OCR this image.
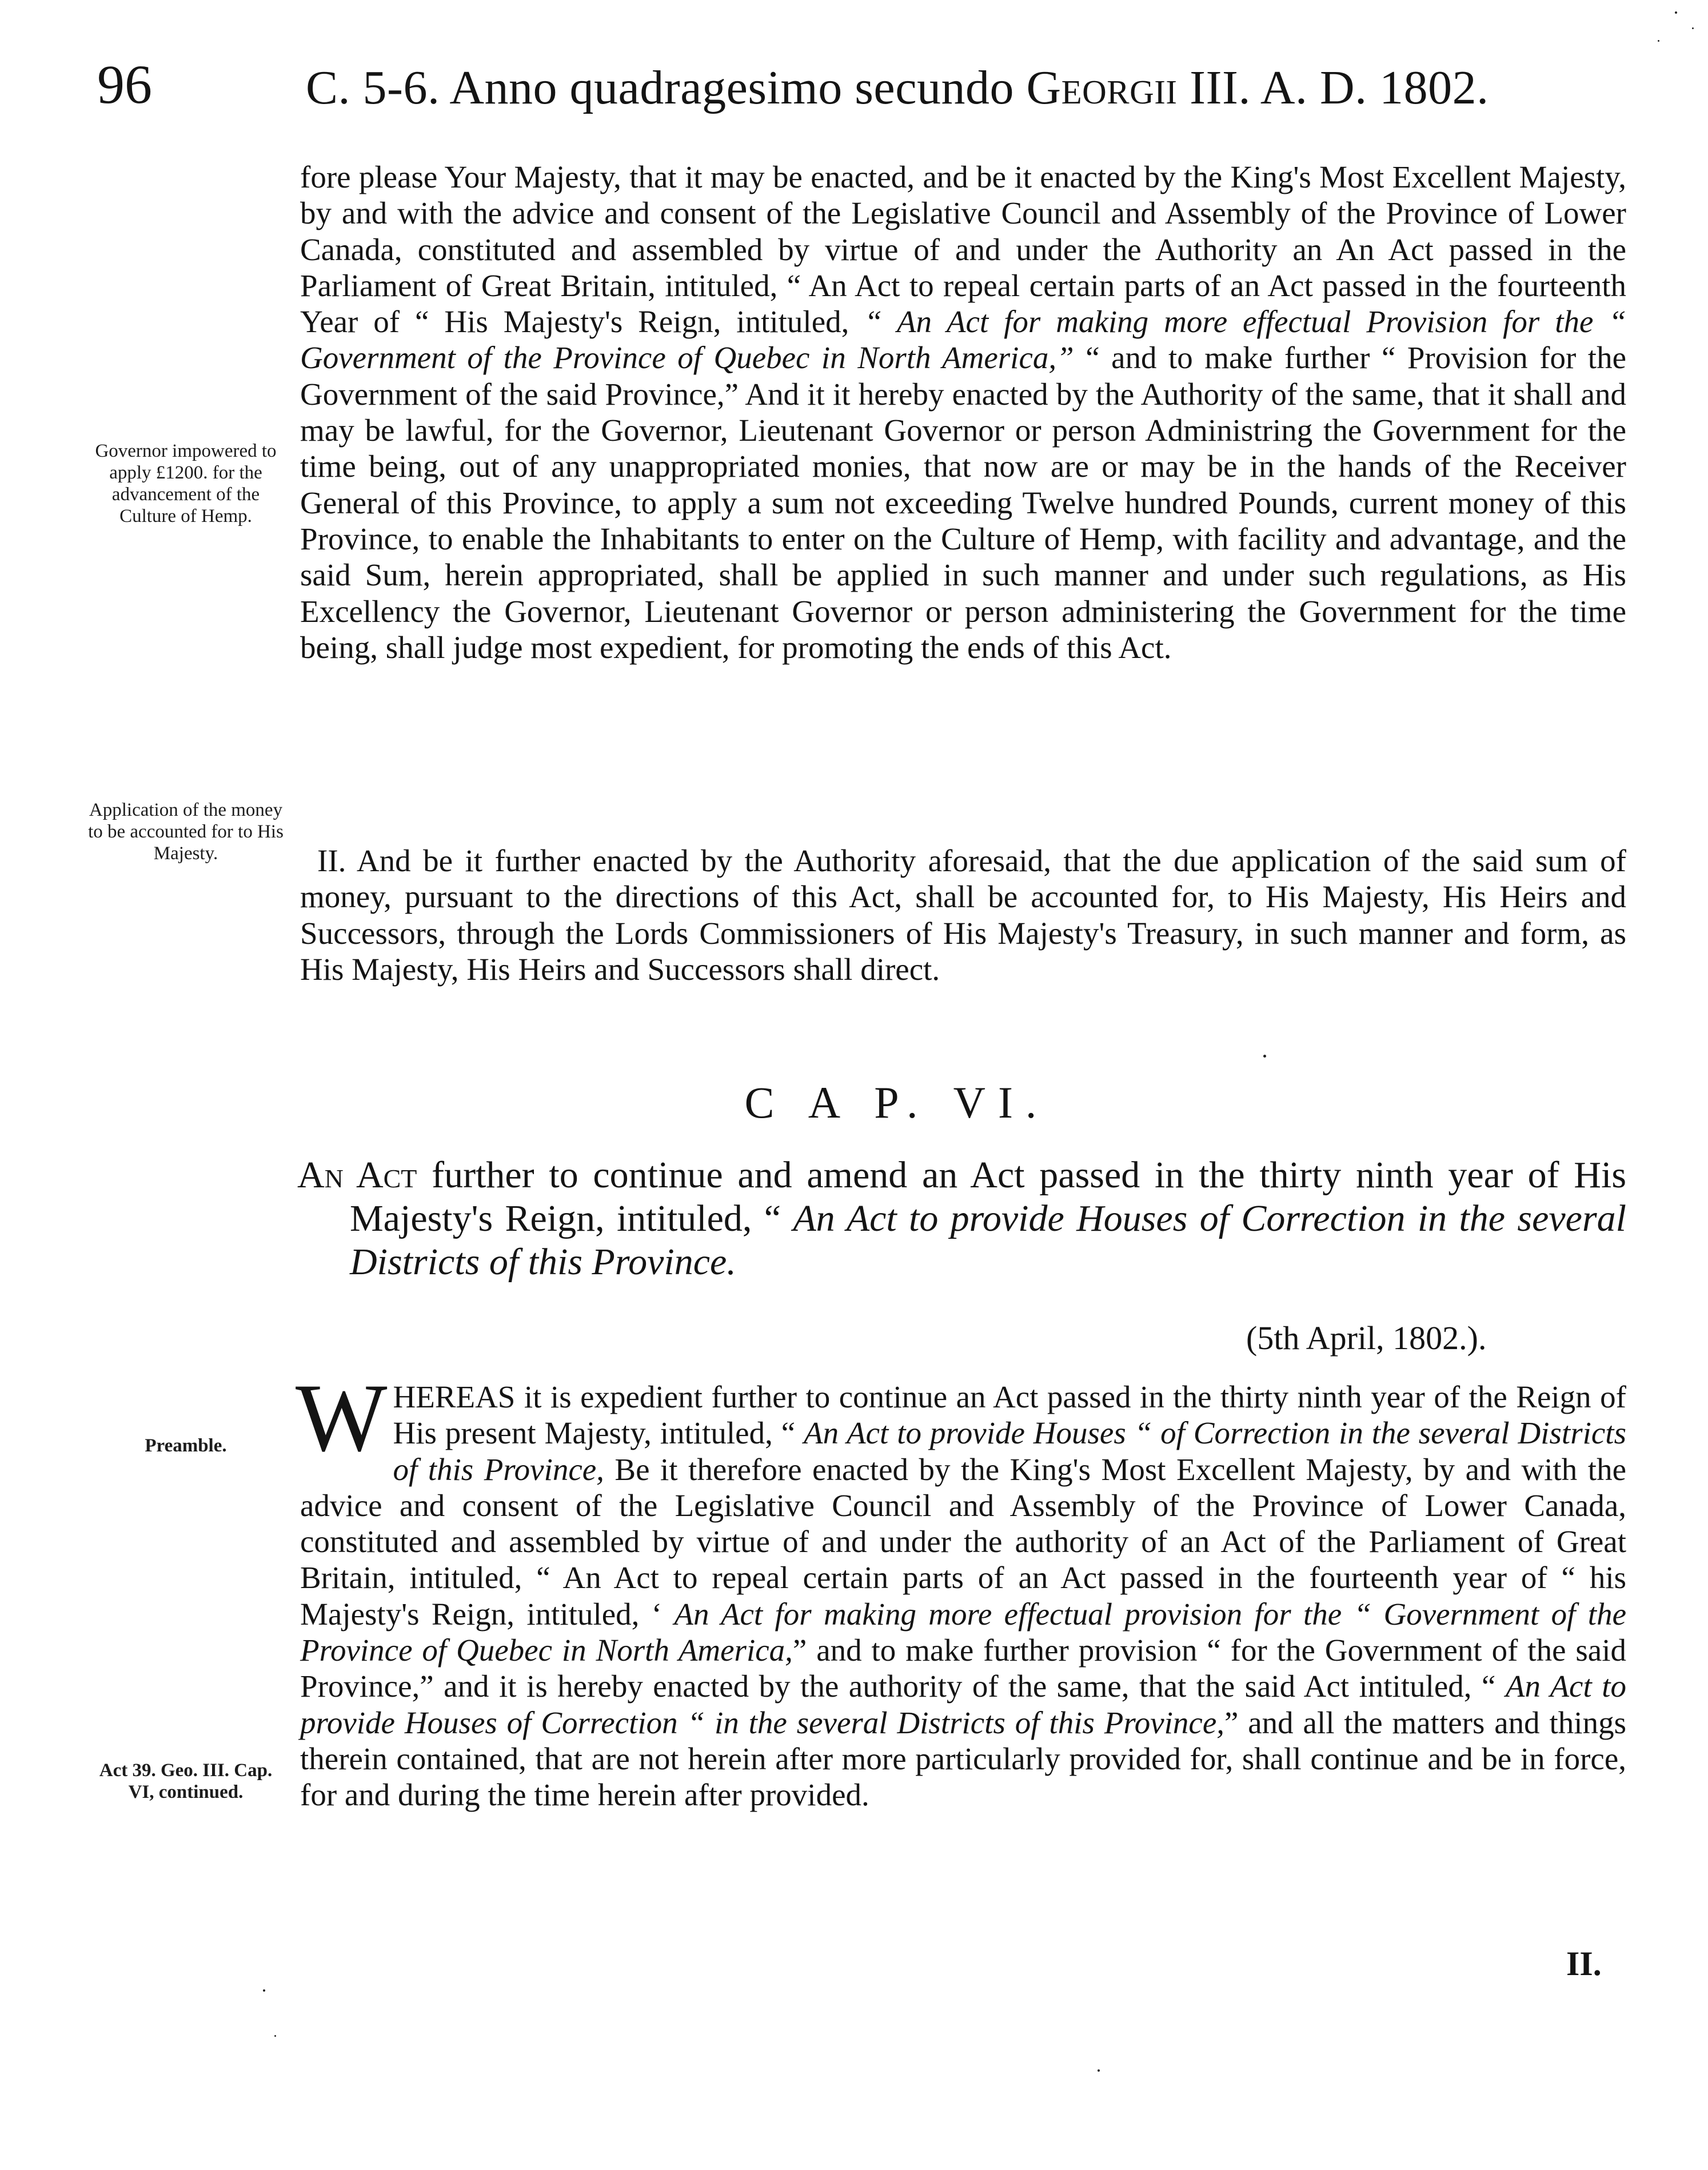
96	C. 5-6. Anno quadragesimo secundo Georgii III. A. D. 1802.

fore please Your Majesty, that it may be enacted, and be it enacted by the King's Most Excellent Majesty, by and with the advice and consent of the Legislative Council and Assembly of the Province of Lower Canada, constituted and assembled by virtue of and under the Authority an An Act passed in the Parliament of Great Britain, intituled, “ An Act to repeal certain parts of an Act passed in the fourteenth Year of “ His Majesty's Reign, intituled, “ An Act for making more effectual Provision for the “ Government of the Province of Quebec in North America,” “ and to make further “ Provision for the Government of the said Province,” And it it hereby enacted by the Authority of the same, that it shall and may be lawful, for the Governor, Lieutenant Governor or person Administring the Government for the time being, out of any unappropriated monies, that now are or may be in the hands of the Receiver General of this Province, to apply a sum not exceeding Twelve hundred Pounds, current money of this Province, to enable the Inhabitants to enter on the Culture of Hemp, with facility and advantage, and the said Sum, herein appropriated, shall be applied in such manner and under such regulations, as His Excellency the Governor, Lieutenant Governor or person administering the Government for the time being, shall judge most expedient, for promoting the ends of this Act.

II. And be it further enacted by the Authority aforesaid, that the due application of the said sum of money, pursuant to the directions of this Act, shall be accounted for, to His Majesty, His Heirs and Successors, through the Lords Commissioners of His Majesty's Treasury, in such manner and form, as His Majesty, His Heirs and Successors shall direct.

C A P. VI.
An Act further to continue and amend an Act passed in the thirty ninth year of His Majesty's Reign, intituled, “ An Act to provide Houses of Correction in the several Districts of this Province.
(5th April, 1802.).

WHEREAS it is expedient further to continue an Act passed in the thirty ninth year of the Reign of His present Majesty, intituled, “ An Act to provide Houses “ of Correction in the several Districts of this Province, Be it therefore enacted by the King's Most Excellent Majesty, by and with the advice and consent of the Legislative Council and Assembly of the Province of Lower Canada, constituted and assembled by virtue of and under the authority of an Act of the Parliament of Great Britain, intituled, “ An Act to repeal certain parts of an Act passed in the fourteenth year of “ his Majesty's Reign, intituled, ‘ An Act for making more effectual provision for the “ Government of the Province of Quebec in North America,” and to make further provision “ for the Government of the said Province,” and it is hereby enacted by the authority of the same, that the said Act intituled, “ An Act to provide Houses of Correction “ in the several Districts of this Province,” and all the matters and things therein contained, that are not herein after more particularly provided for, shall continue and be in force, for and during the time herein after provided.

II.
Governor impowered to apply £1200. for the advancement of the Culture of Hemp.
Application of the money to be accounted for to His Majesty.
Preamble.
Act 39. Geo. III. Cap. VI, continued.
